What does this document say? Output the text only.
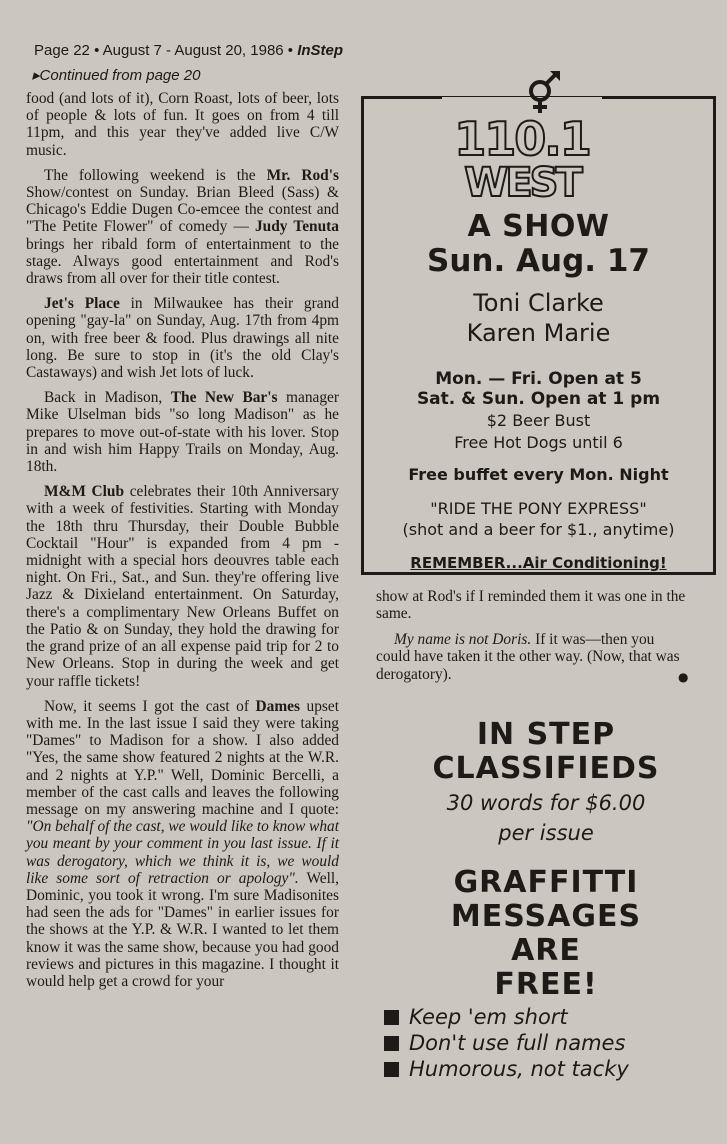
Page 22 • August 7 - August 20, 1986 • InStep
▸Continued from page 20

food (and lots of it), Corn Roast, lots of beer, lots of people & lots of fun. It goes on from 4 till 11pm, and this year they've added live C/W music.

The following weekend is the Mr. Rod's Show/contest on Sunday. Brian Bleed (Sass) & Chicago's Eddie Dugen Co-emcee the contest and "The Petite Flower" of comedy — Judy Tenuta brings her ribald form of entertainment to the stage. Always good entertainment and Rod's draws from all over for their title contest.

Jet's Place in Milwaukee has their grand opening "gay-la" on Sunday, Aug. 17th from 4pm on, with free beer & food. Plus drawings all nite long. Be sure to stop in (it's the old Clay's Castaways) and wish Jet lots of luck.

Back in Madison, The New Bar's manager Mike Ulselman bids "so long Madison" as he prepares to move out-of-state with his lover. Stop in and wish him Happy Trails on Monday, Aug. 18th.

M&M Club celebrates their 10th Anniversary with a week of festivities. Starting with Monday the 18th thru Thursday, their Double Bubble Cocktail "Hour" is expanded from 4 pm - midnight with a special hors deouvres table each night. On Fri., Sat., and Sun. they're offering live Jazz & Dixieland entertainment. On Saturday, there's a complimentary New Orleans Buffet on the Patio & on Sunday, they hold the drawing for the grand prize of an all expense paid trip for 2 to New Orleans. Stop in during the week and get your raffle tickets!

Now, it seems I got the cast of Dames upset with me. In the last issue I said they were taking "Dames" to Madison for a show. I also added "Yes, the same show featured 2 nights at the W.R. and 2 nights at Y.P." Well, Dominic Bercelli, a member of the cast calls and leaves the following message on my answering machine and I quote: "On behalf of the cast, we would like to know what you meant by your comment in you last issue. If it was derogatory, which we think it is, we would like some sort of retraction or apology". Well, Dominic, you took it wrong. I'm sure Madisonites had seen the ads for "Dames" in earlier issues for the shows at the Y.P. & W.R. I wanted to let them know it was the same show, because you had good reviews and pictures in this magazine. I thought it would help get a crowd for your

110.1
WEST
A SHOW
Sun. Aug. 17
Toni Clarke
Karen Marie
Mon. — Fri. Open at 5
Sat. & Sun. Open at 1 pm
$2 Beer Bust
Free Hot Dogs until 6
Free buffet every Mon. Night
"RIDE THE PONY EXPRESS"
(shot and a beer for $1., anytime)
REMEMBER...Air Conditioning!

show at Rod's if I reminded them it was one in the same.

My name is not Doris. If it was—then you could have taken it the other way. (Now, that was derogatory).	●
IN STEP
CLASSIFIEDS
30 words for $6.00
per issue
GRAFFITTI
MESSAGES
ARE
FREE!
Keep 'em short
Don't use full names
Humorous, not tacky
